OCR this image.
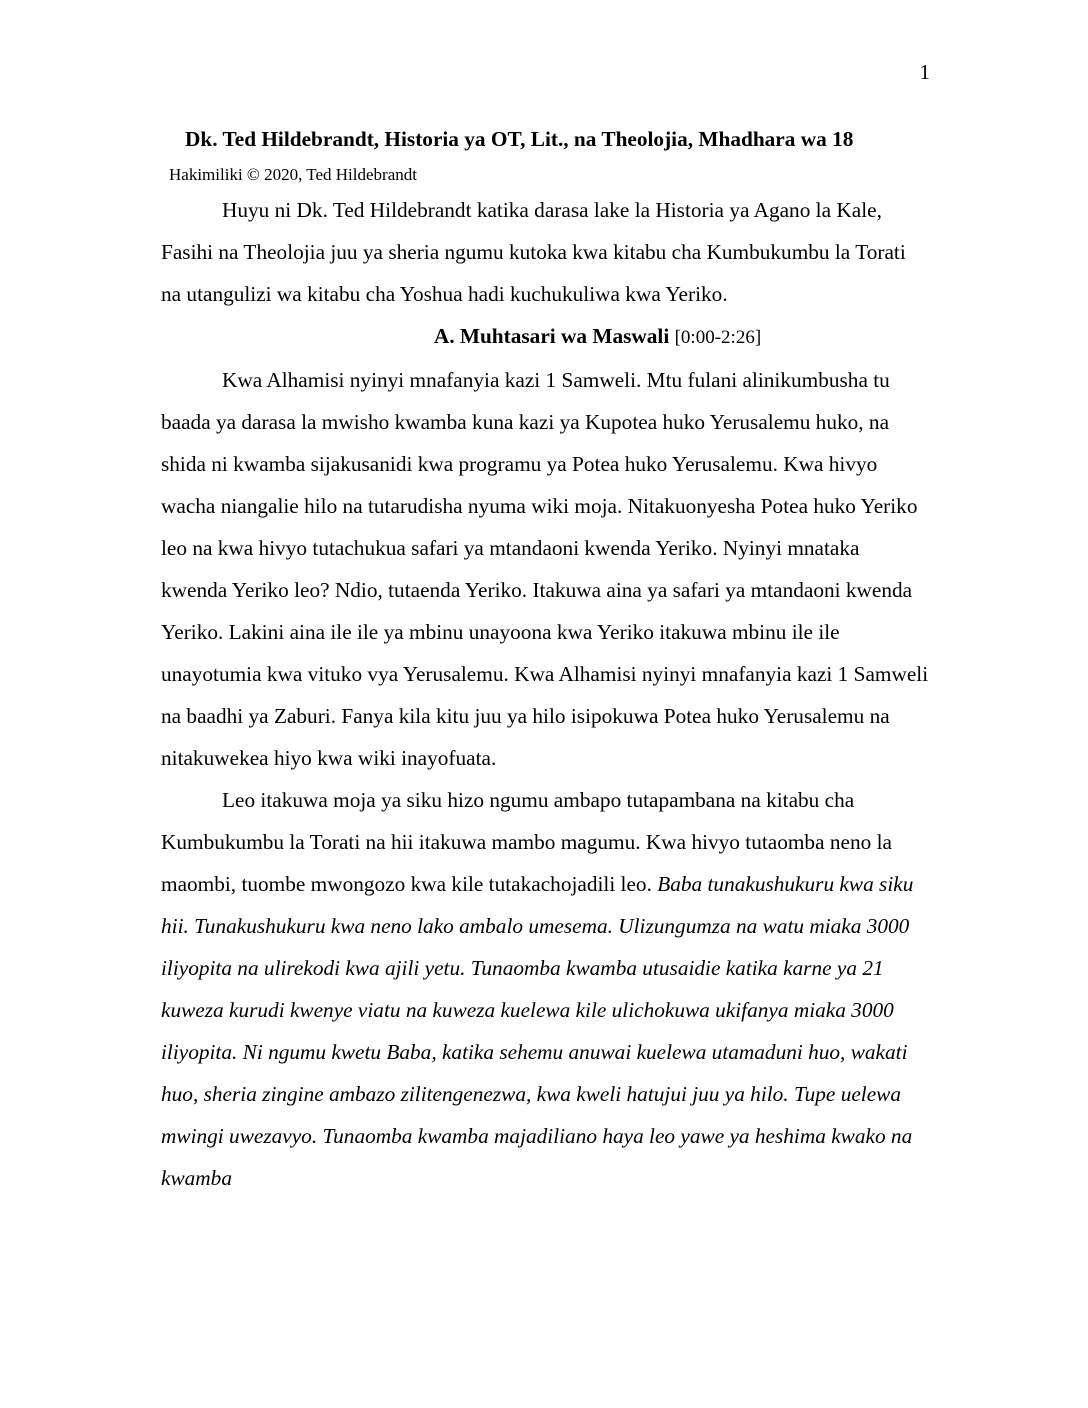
1

Dk. Ted Hildebrandt, Historia ya OT, Lit., na Theolojia, Mhadhara wa 18

Hakimiliki © 2020, Ted Hildebrandt

Huyu ni Dk. Ted Hildebrandt katika darasa lake la Historia ya Agano la Kale, Fasihi na Theolojia juu ya sheria ngumu kutoka kwa kitabu cha Kumbukumbu la Torati na utangulizi wa kitabu cha Yoshua hadi kuchukuliwa kwa Yeriko.

A. Muhtasari wa Maswali [0:00-2:26]

Kwa Alhamisi nyinyi mnafanyia kazi 1 Samweli. Mtu fulani alinikumbusha tu baada ya darasa la mwisho kwamba kuna kazi ya Kupotea huko Yerusalemu huko, na shida ni kwamba sijakusanidi kwa programu ya Potea huko Yerusalemu. Kwa hivyo wacha niangalie hilo na tutarudisha nyuma wiki moja. Nitakuonyesha Potea huko Yeriko leo na kwa hivyo tutachukua safari ya mtandaoni kwenda Yeriko. Nyinyi mnataka kwenda Yeriko leo? Ndio, tutaenda Yeriko. Itakuwa aina ya safari ya mtandaoni kwenda Yeriko. Lakini aina ile ile ya mbinu unayoona kwa Yeriko itakuwa mbinu ile ile unayotumia kwa vituko vya Yerusalemu. Kwa Alhamisi nyinyi mnafanyia kazi 1 Samweli na baadhi ya Zaburi. Fanya kila kitu juu ya hilo isipokuwa Potea huko Yerusalemu na nitakuwekea hiyo kwa wiki inayofuata.

Leo itakuwa moja ya siku hizo ngumu ambapo tutapambana na kitabu cha Kumbukumbu la Torati na hii itakuwa mambo magumu. Kwa hivyo tutaomba neno la maombi, tuombe mwongozo kwa kile tutakachojadili leo. Baba tunakushukuru kwa siku hii. Tunakushukuru kwa neno lako ambalo umesema. Ulizungumza na watu miaka 3000 iliyopita na ulirekodi kwa ajili yetu. Tunaomba kwamba utusaidie katika karne ya 21 kuweza kurudi kwenye viatu na kuweza kuelewa kile ulichokuwa ukifanya miaka 3000 iliyopita. Ni ngumu kwetu Baba, katika sehemu anuwai kuelewa utamaduni huo, wakati huo, sheria zingine ambazo zilitengenezwa, kwa kweli hatujui juu ya hilo. Tupe uelewa mwingi uwezavyo. Tunaomba kwamba majadiliano haya leo yawe ya heshima kwako na kwamba
